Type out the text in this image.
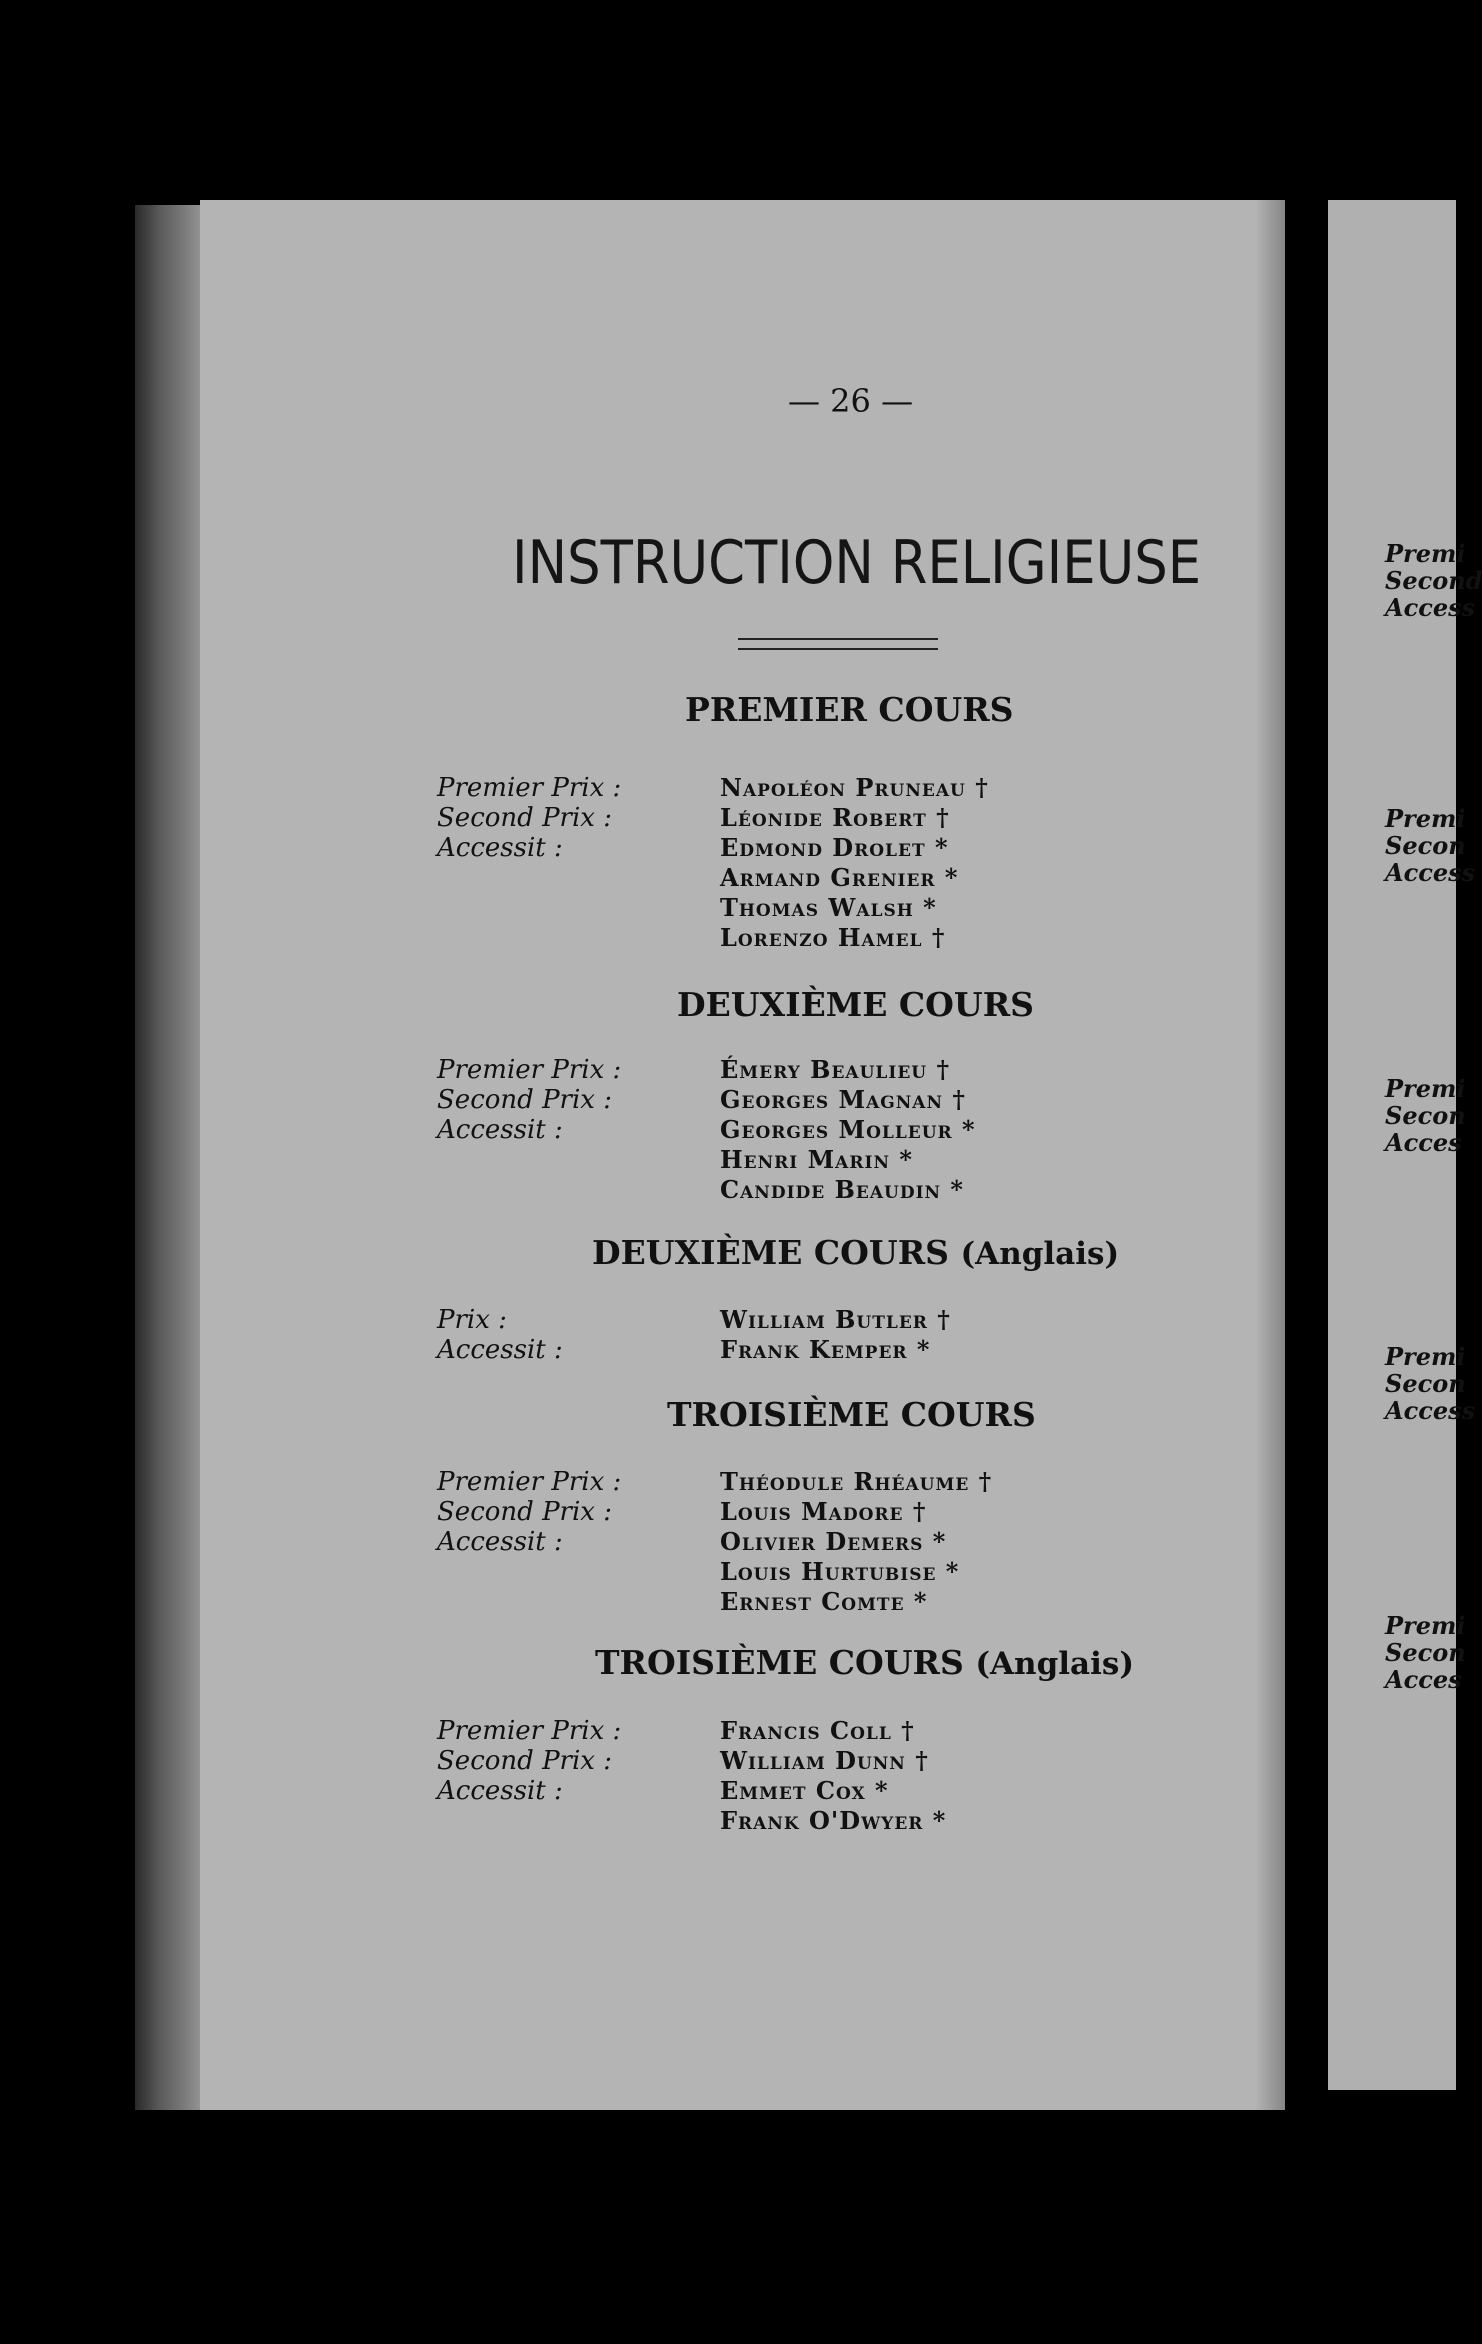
— 26 —
INSTRUCTION RELIGIEUSE
PREMIER COURS
Premier Prix :
Second Prix :
Accessit :
Napoléon Pruneau †
Léonide Robert †
Edmond Drolet *
Armand Grenier *
Thomas Walsh *
Lorenzo Hamel †
DEUXIÈME COURS
Premier Prix :
Second Prix :
Accessit :
Émery Beaulieu †
Georges Magnan †
Georges Molleur *
Henri Marin *
Candide Beaudin *
DEUXIÈME COURS (Anglais)
Prix :
Accessit :
William Butler †
Frank Kemper *
TROISIÈME COURS
Premier Prix :
Second Prix :
Accessit :
Théodule Rhéaume †
Louis Madore †
Olivier Demers *
Louis Hurtubise *
Ernest Comte *
TROISIÈME COURS (Anglais)
Premier Prix :
Second Prix :
Accessit :
Francis Coll †
William Dunn †
Emmet Cox *
Frank O'Dwyer *
Premi
Second
Access
Premi
Secon
Access
Premi
Secon
Acces
Premi
Secon
Access
Premi
Secon
Acces
